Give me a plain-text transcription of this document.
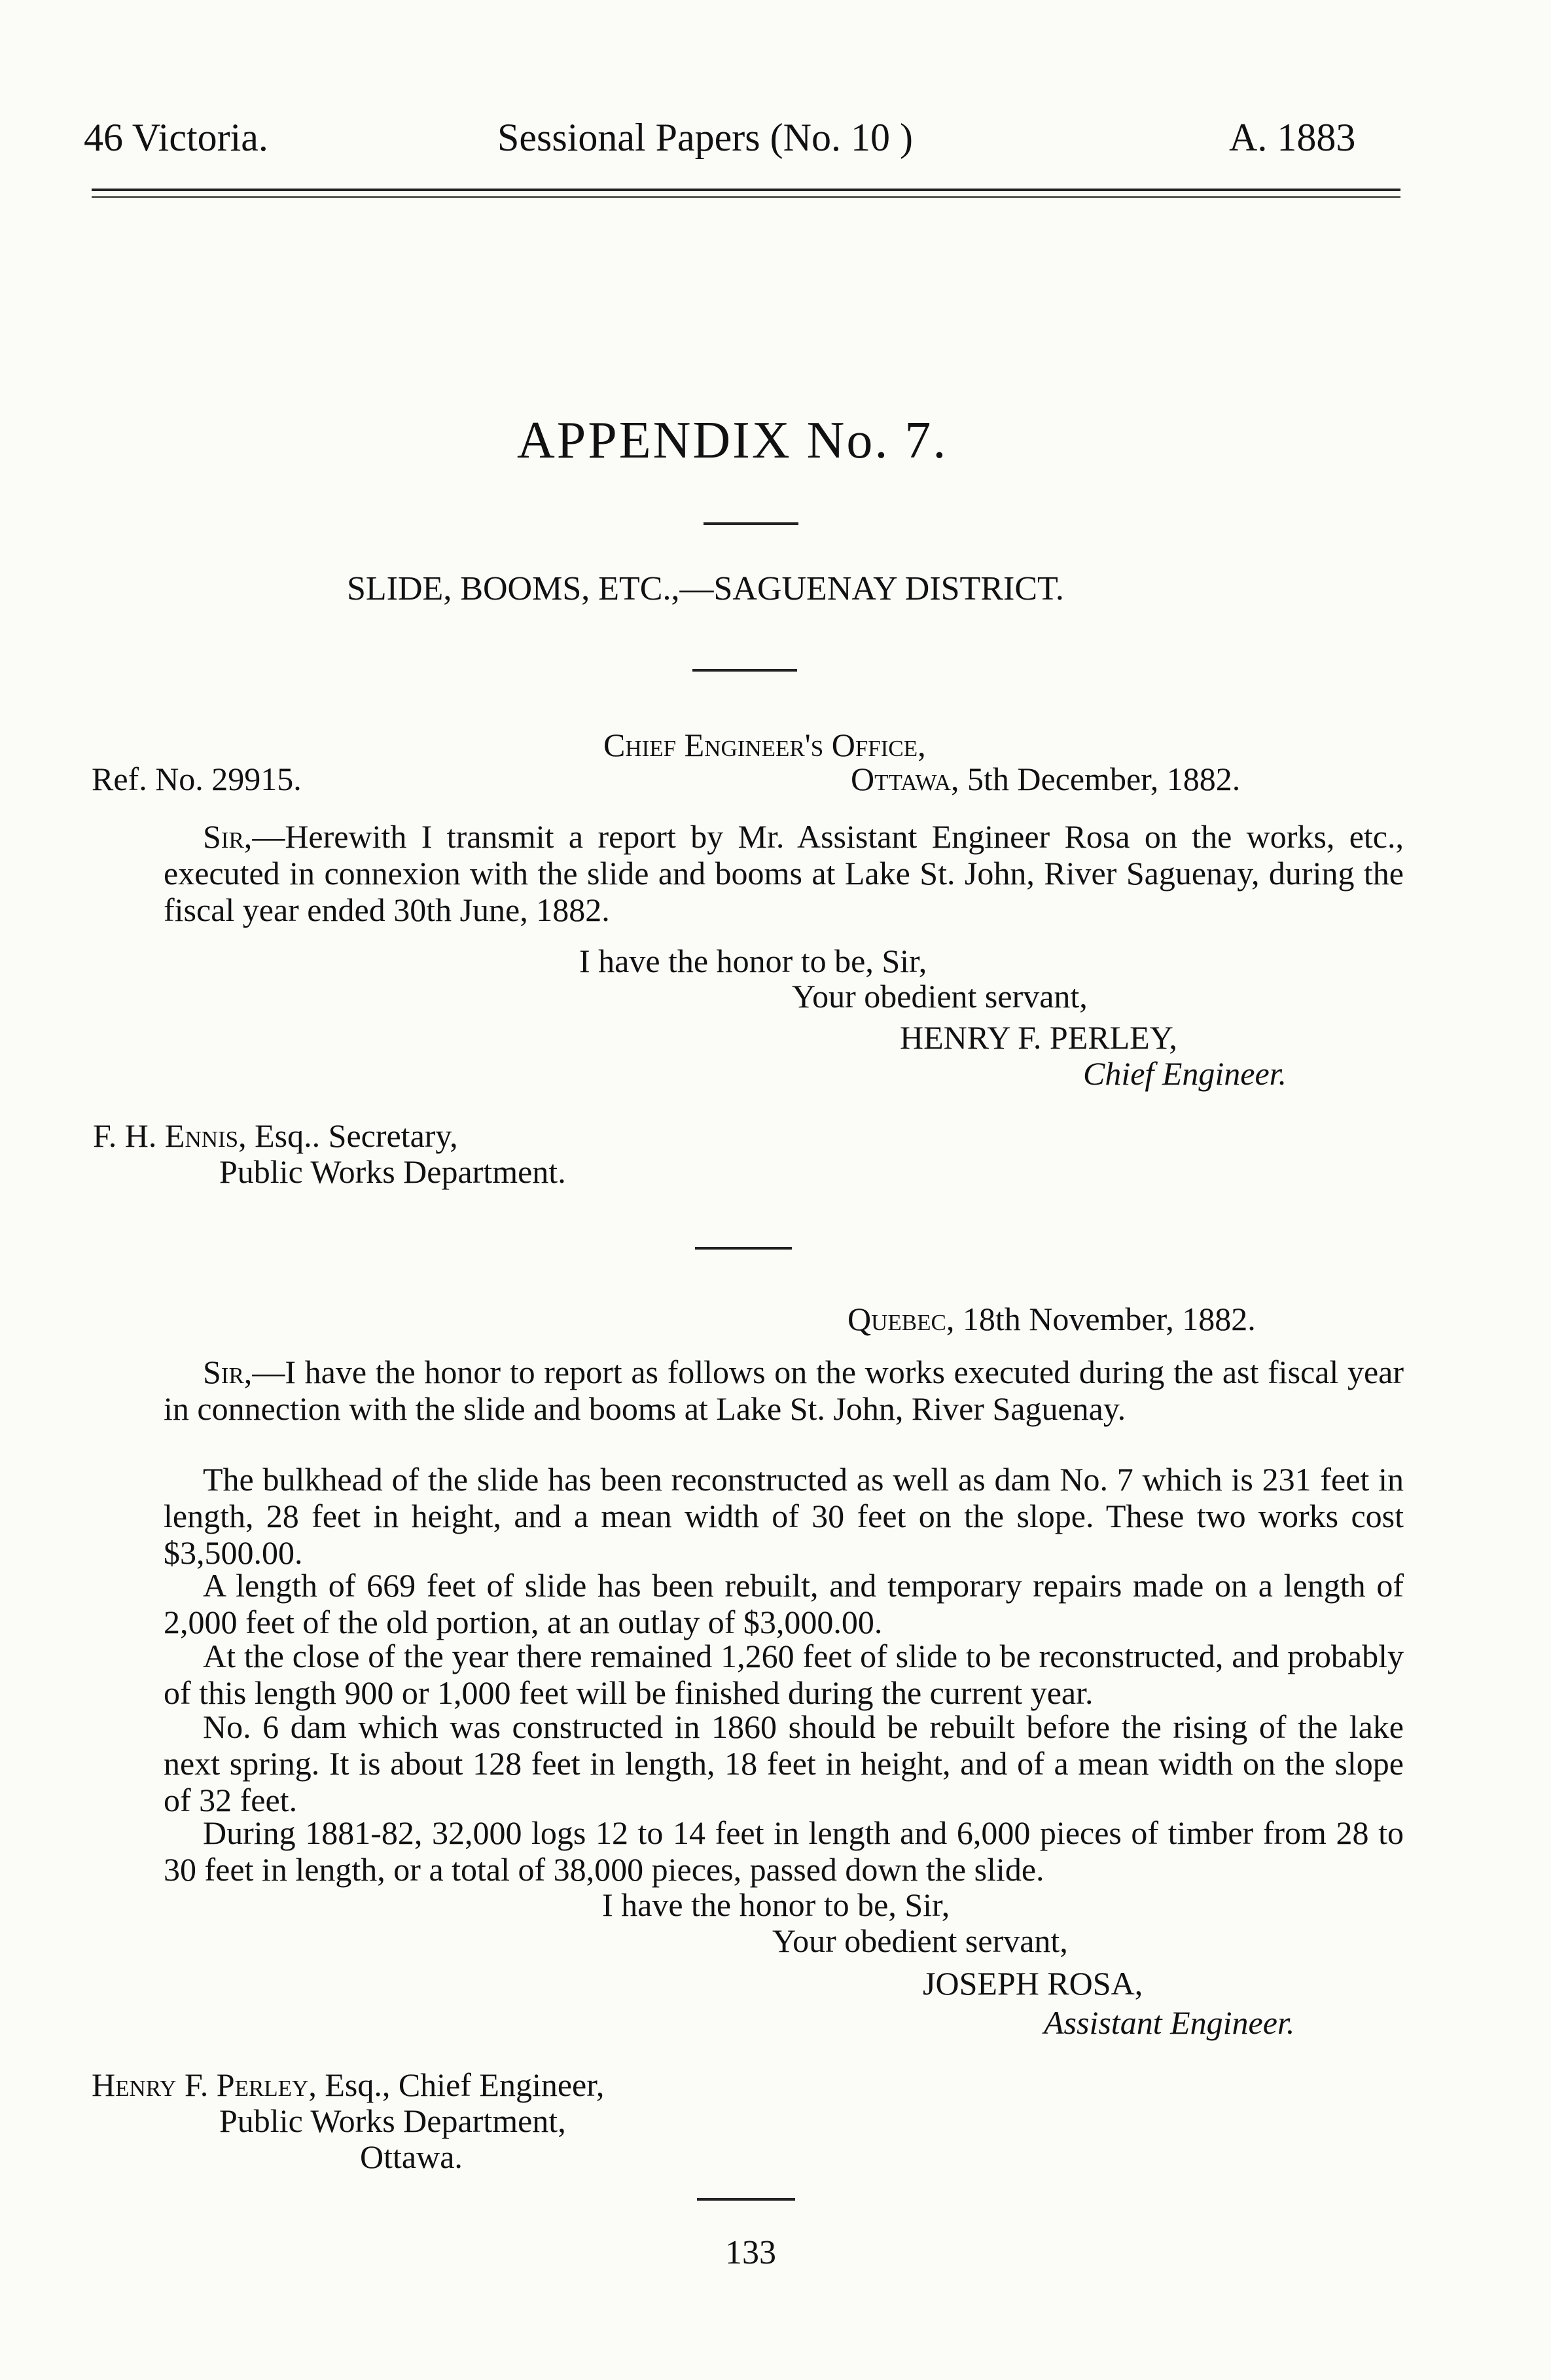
46 Victoria.	Sessional Papers (No. 10 )	A. 1883
APPENDIX No. 7.
SLIDE, BOOMS, ETC.,—SAGUENAY DISTRICT.
Chief Engineer's Office,
Ref. No. 29915.	Ottawa, 5th December, 1882.
Sir,—Herewith I transmit a report by Mr. Assistant Engineer Rosa on the works, etc., executed in connexion with the slide and booms at Lake St. John, River Saguenay, during the fiscal year ended 30th June, 1882.
I have the honor to be, Sir,
Your obedient servant,
HENRY F. PERLEY,
Chief Engineer.
F. H. Ennis, Esq.. Secretary,
Public Works Department.
Quebec, 18th November, 1882.
Sir,—I have the honor to report as follows on the works executed during the ast fiscal year in connection with the slide and booms at Lake St. John, River Saguenay.
The bulkhead of the slide has been reconstructed as well as dam No. 7 which is 231 feet in length, 28 feet in height, and a mean width of 30 feet on the slope. These two works cost $3,500.00.
A length of 669 feet of slide has been rebuilt, and temporary repairs made on a length of 2,000 feet of the old portion, at an outlay of $3,000.00.
At the close of the year there remained 1,260 feet of slide to be reconstructed, and probably of this length 900 or 1,000 feet will be finished during the current year.
No. 6 dam which was constructed in 1860 should be rebuilt before the rising of the lake next spring. It is about 128 feet in length, 18 feet in height, and of a mean width on the slope of 32 feet.
During 1881-82, 32,000 logs 12 to 14 feet in length and 6,000 pieces of timber from 28 to 30 feet in length, or a total of 38,000 pieces, passed down the slide.
I have the honor to be, Sir,
Your obedient servant,
JOSEPH ROSA,
Assistant Engineer.
Henry F. Perley, Esq., Chief Engineer,
Public Works Department,
Ottawa.
133
